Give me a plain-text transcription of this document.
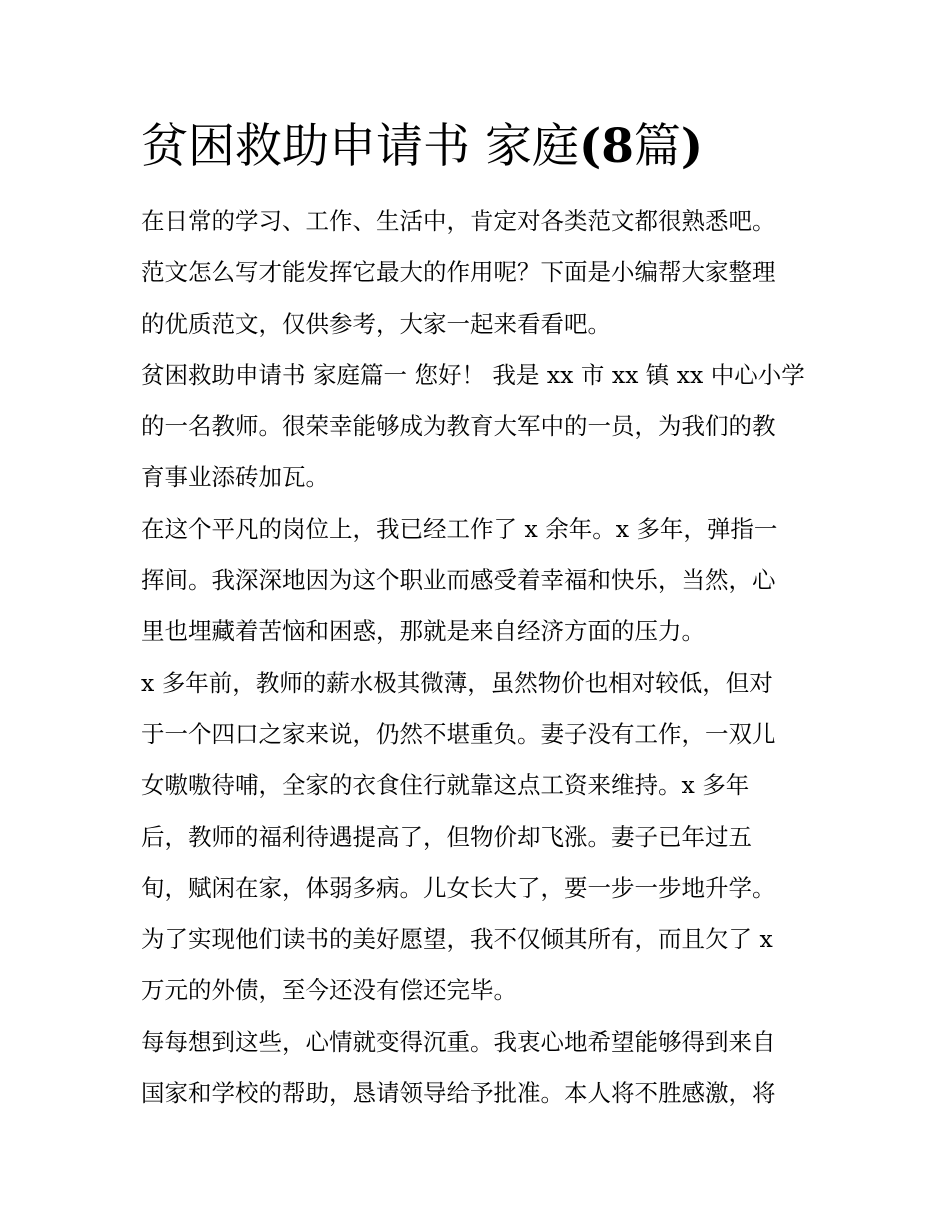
贫困救助申请书 家庭(8篇)
在日常的学习、工作、生活中，肯定对各类范文都很熟悉吧。
范文怎么写才能发挥它最大的作用呢？下面是小编帮大家整理
的优质范文，仅供参考，大家一起来看看吧。
贫困救助申请书 家庭篇一 您好！ 我是 xx 市 xx 镇 xx 中心小学
的一名教师。很荣幸能够成为教育大军中的一员，为我们的教
育事业添砖加瓦。
在这个平凡的岗位上，我已经工作了 x 余年。x 多年，弹指一
挥间。我深深地因为这个职业而感受着幸福和快乐，当然，心
里也埋藏着苦恼和困惑，那就是来自经济方面的压力。
x 多年前，教师的薪水极其微薄，虽然物价也相对较低，但对
于一个四口之家来说，仍然不堪重负。妻子没有工作，一双儿
女嗷嗷待哺，全家的衣食住行就靠这点工资来维持。x 多年
后，教师的福利待遇提高了，但物价却飞涨。妻子已年过五
旬，赋闲在家，体弱多病。儿女长大了，要一步一步地升学。
为了实现他们读书的美好愿望，我不仅倾其所有，而且欠了 x
万元的外债，至今还没有偿还完毕。
每每想到这些，心情就变得沉重。我衷心地希望能够得到来自
国家和学校的帮助，恳请领导给予批准。本人将不胜感激，将
